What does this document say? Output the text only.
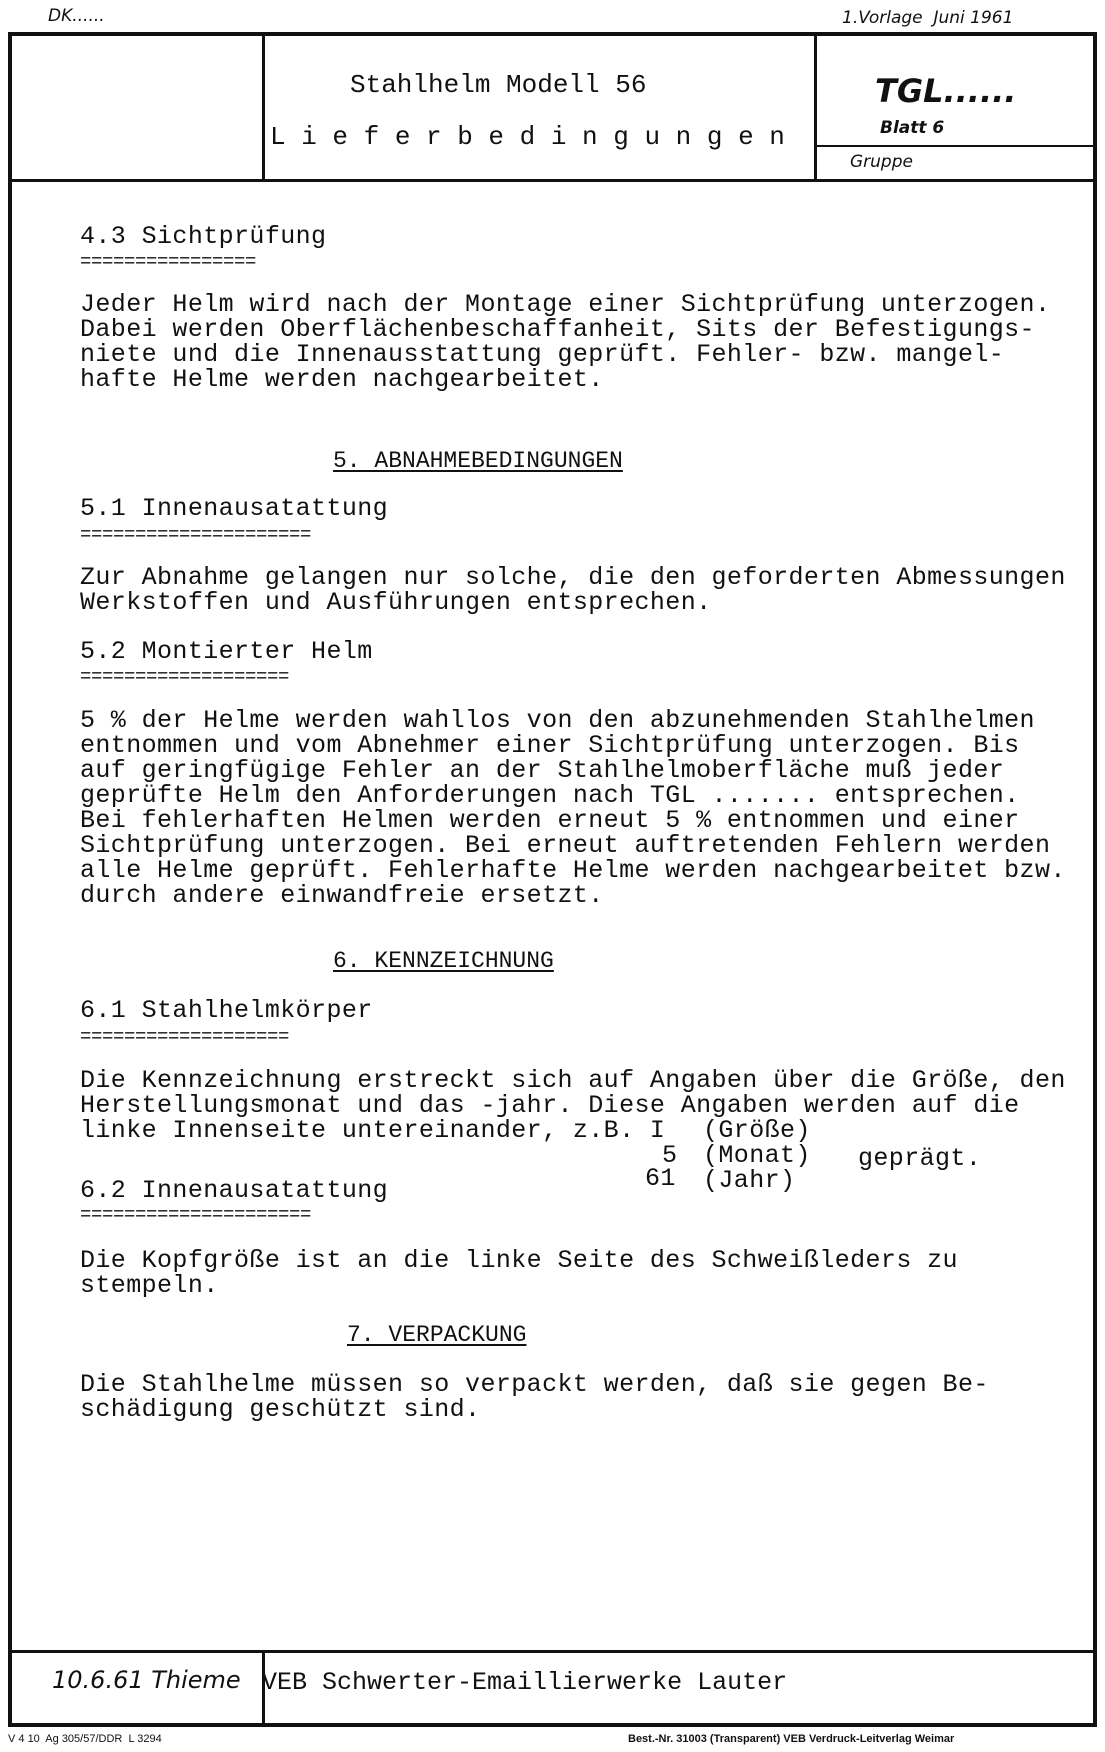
DK......	1.Vorlage  Juni 1961
Stahlhelm Modell 56
L i e f e r b e d i n g u n g e n
TGL......
Blatt 6
Gruppe
4.3 Sichtprüfung
================
Jeder Helm wird nach der Montage einer Sichtprüfung unterzogen.
Dabei werden Oberflächenbeschaffanheit, Sits der Befestigungs-
niete und die Innenausstattung geprüft. Fehler- bzw. mangel-
hafte Helme werden nachgearbeitet.
5. ABNAHMEBEDINGUNGEN
5.1 Innenausatattung
=====================
Zur Abnahme gelangen nur solche, die den geforderten Abmessungen
Werkstoffen und Ausführungen entsprechen.
5.2 Montierter Helm
===================
5 % der Helme werden wahllos von den abzunehmenden Stahlhelmen
entnommen und vom Abnehmer einer Sichtprüfung unterzogen. Bis
auf geringfügige Fehler an der Stahlhelmoberfläche muß jeder
geprüfte Helm den Anforderungen nach TGL ....... entsprechen.
Bei fehlerhaften Helmen werden erneut 5 % entnommen und einer
Sichtprüfung unterzogen. Bei erneut auftretenden Fehlern werden
alle Helme geprüft. Fehlerhafte Helme werden nachgearbeitet bzw.
durch andere einwandfreie ersetzt.
6. KENNZEICHNUNG
6.1 Stahlhelmkörper
===================
Die Kennzeichnung erstreckt sich auf Angaben über die Größe, den
Herstellungsmonat und das -jahr. Diese Angaben werden auf die
linke Innenseite untereinander, z.B. I
5
61
(Größe)
(Monat)
(Jahr)
geprägt.
6.2 Innenausatattung
=====================
Die Kopfgröße ist an die linke Seite des Schweißleders zu
stempeln.
7. VERPACKUNG
Die Stahlhelme müssen so verpackt werden, daß sie gegen Be-
schädigung geschützt sind.
10.6.61 Thieme VEB Schwerter-Emaillierwerke Lauter
V 4 10  Ag 305/57/DDR  L 3294	Best.-Nr. 31003 (Transparent) VEB Verdruck-Leitverlag Weimar
